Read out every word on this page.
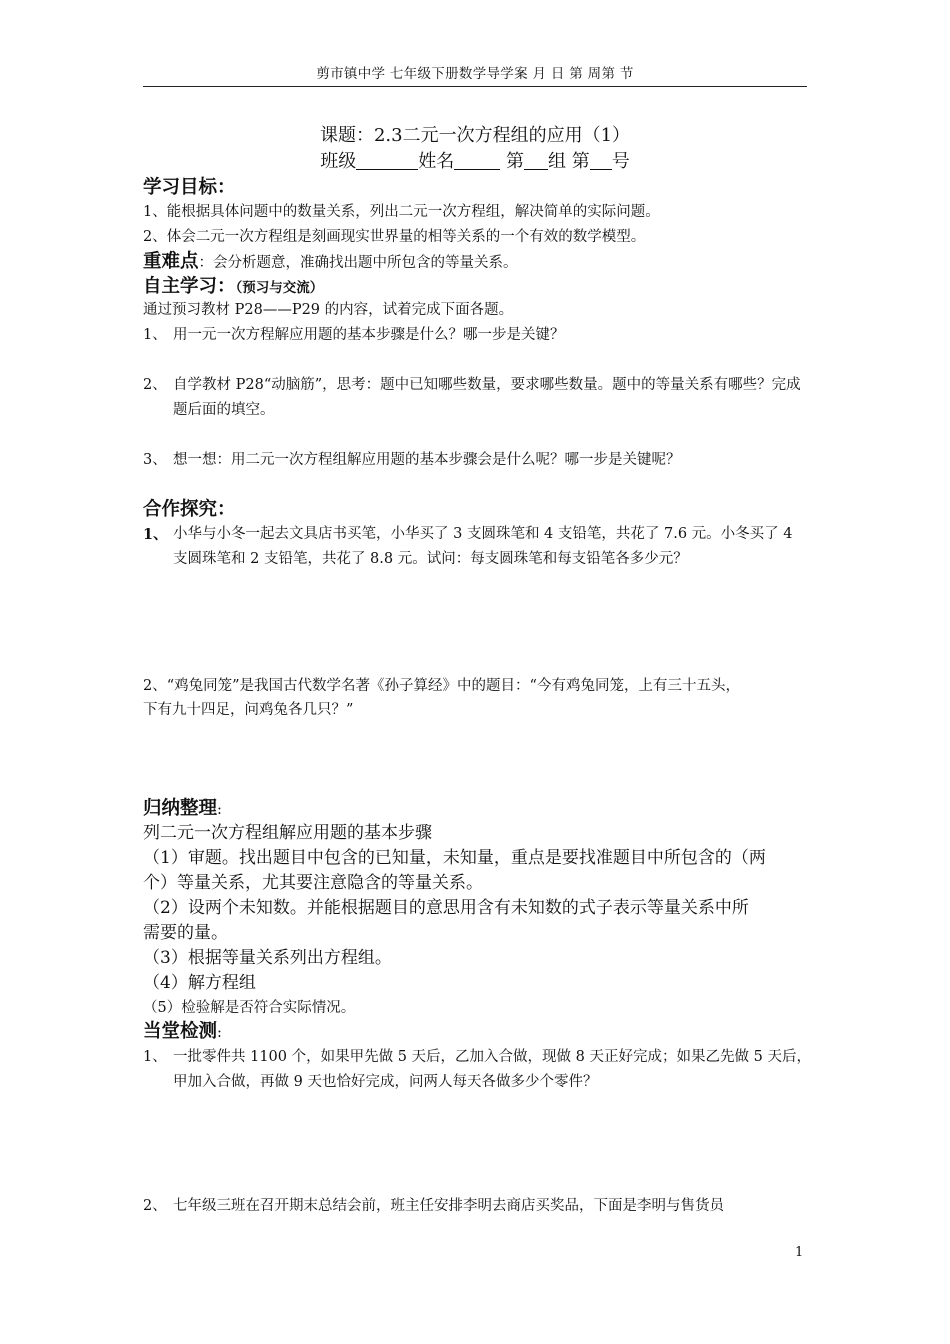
剪市镇中学 七年级下册数学导学案 月 日 第 周第 节
课题：2.3二元一次方程组的应用（1）
班级	姓名	第 组 第 号
学习目标：
1、能根据具体问题中的数量关系，列出二元一次方程组，解决简单的实际问题。
2、体会二元一次方程组是刻画现实世界量的相等关系的一个有效的数学模型。
重难点：会分析题意，准确找出题中所包含的等量关系。
自主学习：（预习与交流）
通过预习教材 P28——P29 的内容，试着完成下面各题。
1、 用一元一次方程解应用题的基本步骤是什么？哪一步是关键？
2、 自学教材 P28“动脑筋”，思考：题中已知哪些数量，要求哪些数量。题中的等量关系有哪些？完成题后面的填空。
3、 想一想：用二元一次方程组解应用题的基本步骤会是什么呢？哪一步是关键呢？
合作探究：
1、 小华与小冬一起去文具店书买笔，小华买了 3 支圆珠笔和 4 支铅笔，共花了 7.6 元。小冬买了 4 支圆珠笔和 2 支铅笔，共花了 8.8 元。试问：每支圆珠笔和每支铅笔各多少元？
2、“鸡兔同笼”是我国古代数学名著《孙子算经》中的题目：“今有鸡兔同笼，上有三十五头，
下有九十四足，问鸡兔各几只？”
归纳整理:
列二元一次方程组解应用题的基本步骤
（1）审题。找出题目中包含的已知量，未知量，重点是要找准题目中所包含的（两
个）等量关系，尤其要注意隐含的等量关系。
（2）设两个未知数。并能根据题目的意思用含有未知数的式子表示等量关系中所
需要的量。
（3）根据等量关系列出方程组。
（4）解方程组
（5）检验解是否符合实际情况。
当堂检测:
1、 一批零件共 1100 个，如果甲先做 5 天后，乙加入合做，现做 8 天正好完成；如果乙先做 5 天后，甲加入合做，再做 9 天也恰好完成，问两人每天各做多少个零件？
2、 七年级三班在召开期末总结会前，班主任安排李明去商店买奖品，下面是李明与售货员
1
